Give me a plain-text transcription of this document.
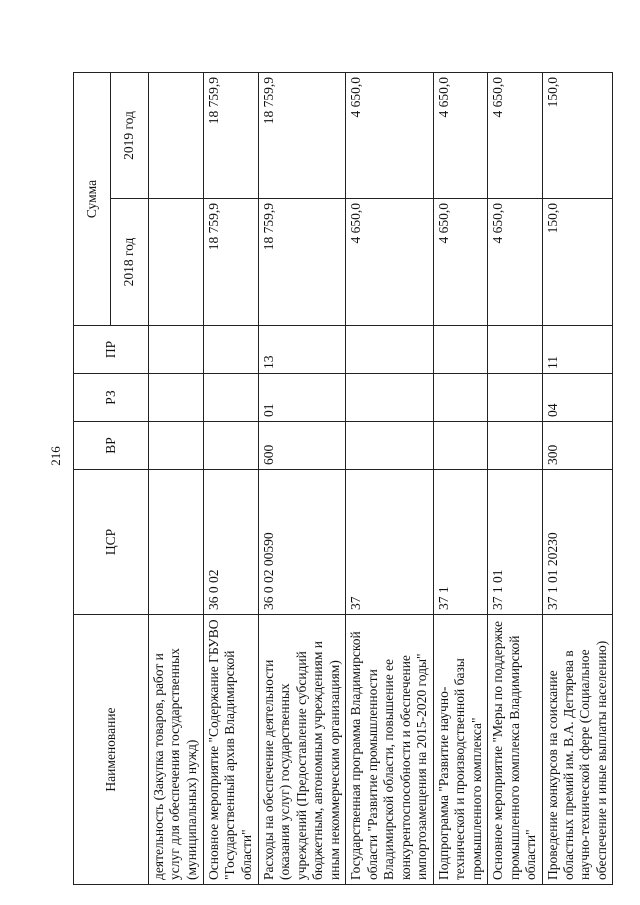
216
Наименование	ЦСР	ВР	РЗ	ПР	Сумма	
					2018 год	2019 год
деятельность (Закупка товаров, работ и услуг для обеспечения государственных (муниципальных) нужд)						
Основное мероприятие "Содержание ГБУВО "Государственный архив Владимирской области"	36 0 02				18 759,9	18 759,9
Расходы на обеспечение деятельности (оказания услуг) государственных учреждений (Предоставление субсидий бюджетным, автономным учреждениям и иным некоммерческим организациям)	36 0 02 00590	600	01	13	18 759,9	18 759,9
Государственная программа Владимирской области "Развитие промышленности Владимирской области, повышение ее конкурентоспособности и обеспечение импортозамещения на 2015-2020 годы"	37				4 650,0	4 650,0
Подпрограмма "Развитие научно-технической и производственной базы промышленного комплекса"	37 1				4 650,0	4 650,0
Основное мероприятие "Меры по поддержке промышленного комплекса Владимирской области"	37 1 01				4 650,0	4 650,0
Проведение конкурсов на соискание областных премий им. В.А. Дегтярева в научно-технической сфере (Социальное обеспечение и иные выплаты населению)	37 1 01 20230	300	04	11	150,0	150,0
